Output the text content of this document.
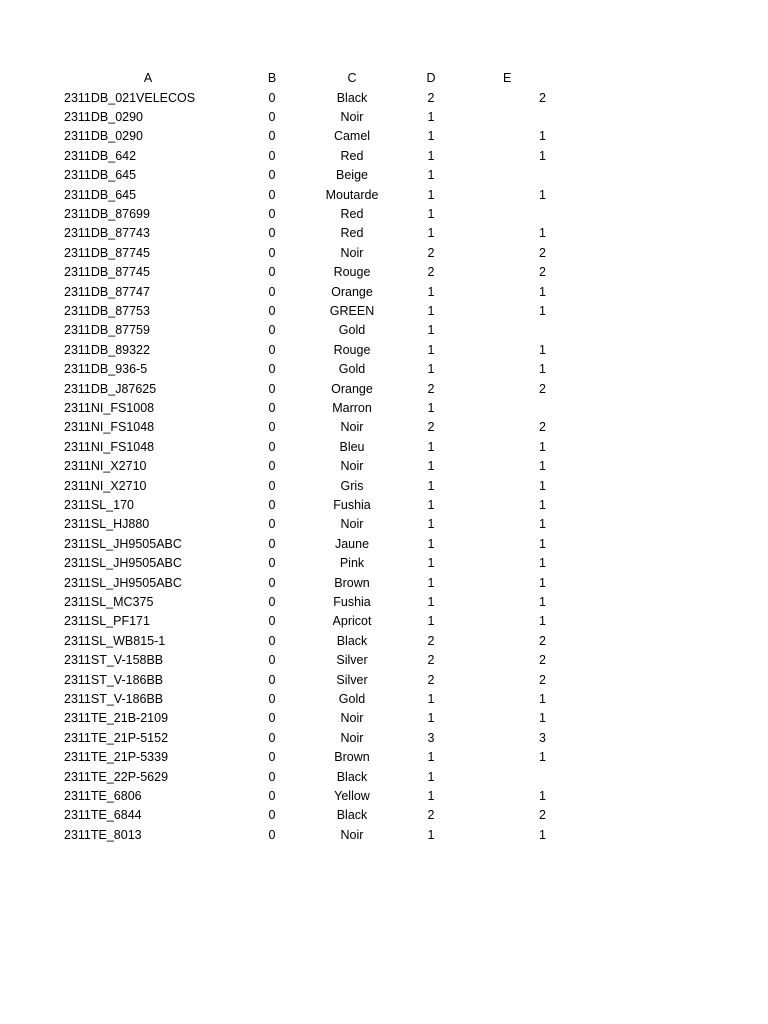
A	B	C	D	E
2311DB_021VELECOS	0	Black	2	2
2311DB_0290	0	Noir	1
2311DB_0290	0	Camel	1	1
2311DB_642	0	Red	1	1
2311DB_645	0	Beige	1
2311DB_645	0	Moutarde	1	1
2311DB_87699	0	Red	1
2311DB_87743	0	Red	1	1
2311DB_87745	0	Noir	2	2
2311DB_87745	0	Rouge	2	2
2311DB_87747	0	Orange	1	1
2311DB_87753	0	GREEN	1	1
2311DB_87759	0	Gold	1
2311DB_89322	0	Rouge	1	1
2311DB_936-5	0	Gold	1	1
2311DB_J87625	0	Orange	2	2
2311NI_FS1008	0	Marron	1
2311NI_FS1048	0	Noir	2	2
2311NI_FS1048	0	Bleu	1	1
2311NI_X2710	0	Noir	1	1
2311NI_X2710	0	Gris	1	1
2311SL_170	0	Fushia	1	1
2311SL_HJ880	0	Noir	1	1
2311SL_JH9505ABC	0	Jaune	1	1
2311SL_JH9505ABC	0	Pink	1	1
2311SL_JH9505ABC	0	Brown	1	1
2311SL_MC375	0	Fushia	1	1
2311SL_PF171	0	Apricot	1	1
2311SL_WB815-1	0	Black	2	2
2311ST_V-158BB	0	Silver	2	2
2311ST_V-186BB	0	Silver	2	2
2311ST_V-186BB	0	Gold	1	1
2311TE_21B-2109	0	Noir	1	1
2311TE_21P-5152	0	Noir	3	3
2311TE_21P-5339	0	Brown	1	1
2311TE_22P-5629	0	Black	1
2311TE_6806	0	Yellow	1	1
2311TE_6844	0	Black	2	2
2311TE_8013	0	Noir	1	1
